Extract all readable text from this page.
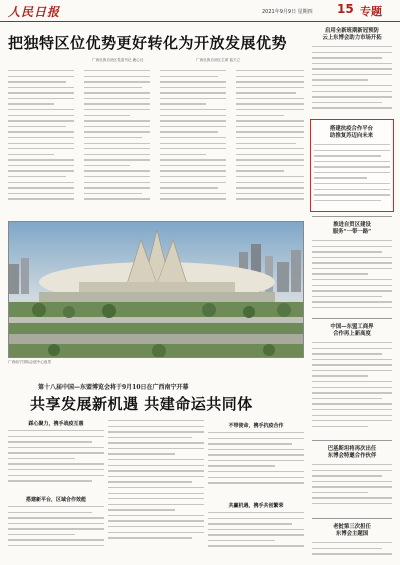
人民日报	2021年9月9日 星期四 15 专题
把独特区位优势更好转化为开放发展优势
广西壮族自治区党委书记 鹿心社	广西壮族自治区主席 蓝天立
广西南宁国际会展中心夜景
第十八届中国—东盟博览会将于9月10日在广西南宁开幕
共享发展新机遇 共建命运共同体
踩心聚力，携手战疫互惠
搭建新平台，区域合作效能
共赢机遇，携手共创繁荣
不带使命，携手抗疫合作
启用全新班期新冠预防
云上东博会助力市场开拓
搭建抗疫合作平台
助推复苏迈向未来
推进自贸区建设
服务“一带一路”
中国—东盟工商界
合作再上新高度
巴基斯坦将再次出任
东博会特邀合作伙伴
老挝第三次担任
东博会主题国
